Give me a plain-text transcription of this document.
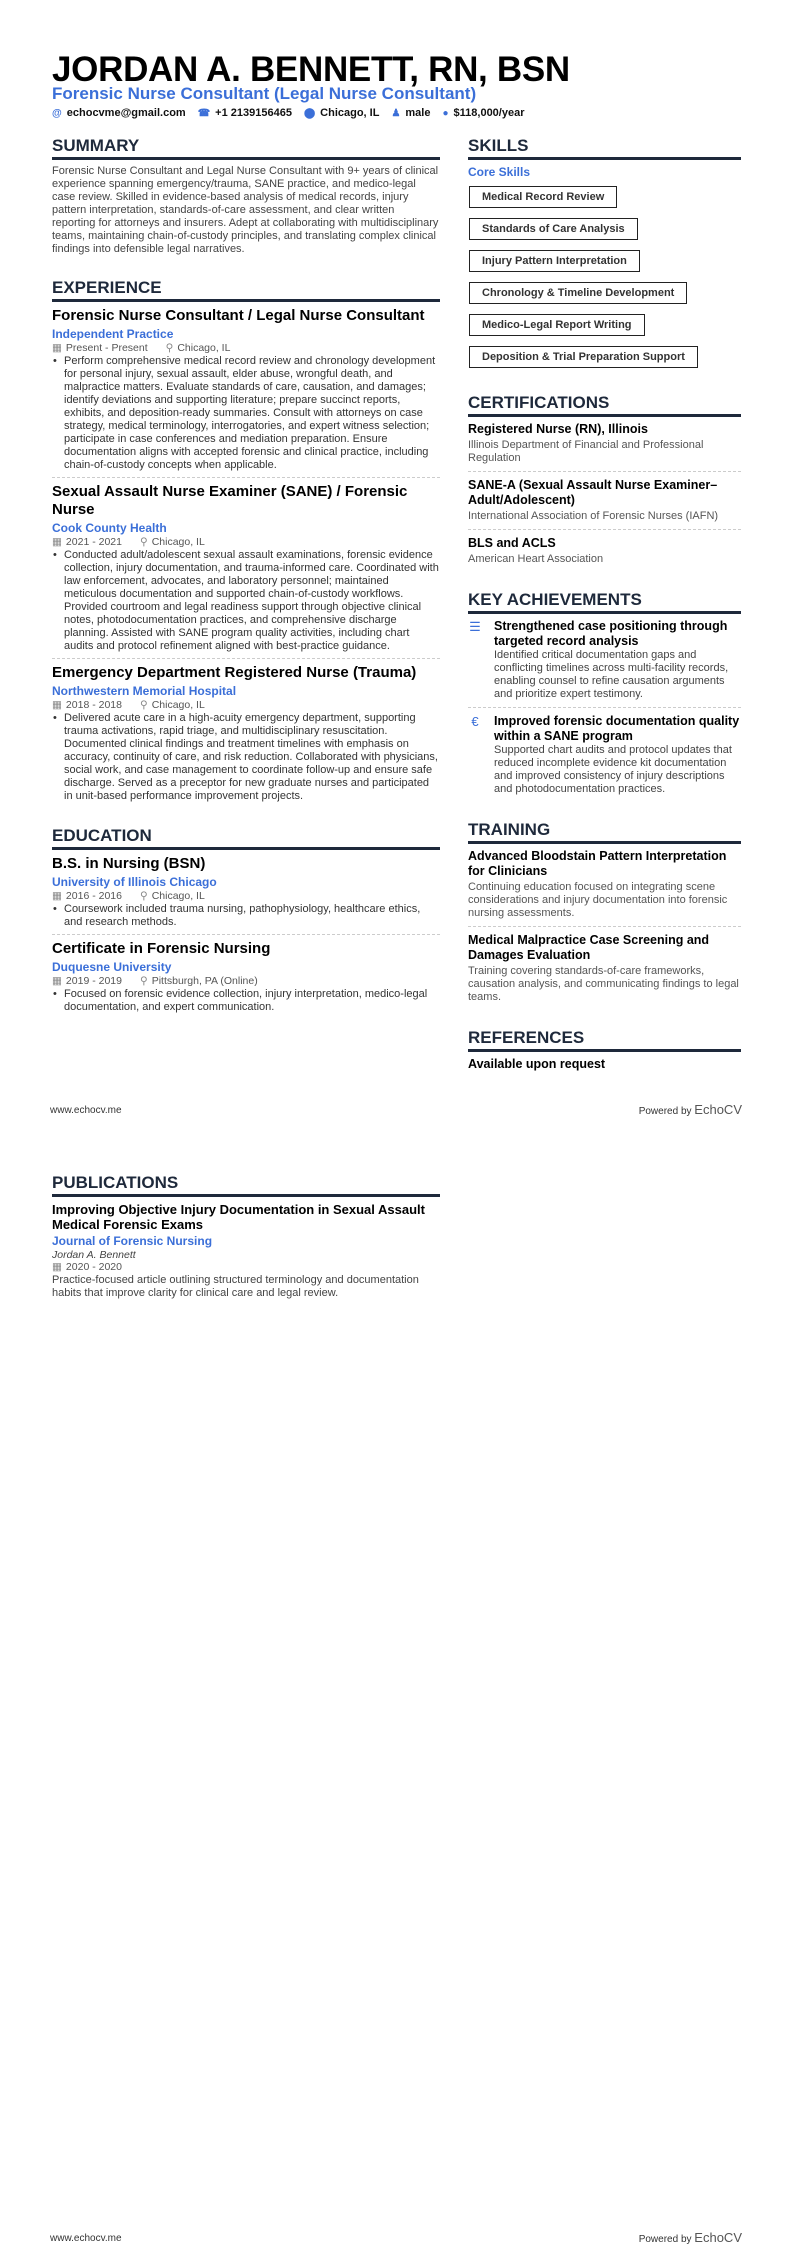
JORDAN A. BENNETT, RN, BSN
Forensic Nurse Consultant (Legal Nurse Consultant)
@ echocvme@gmail.com ☎ +1 2139156465 ⬤ Chicago, IL ♟ male ● $118,000/year
SUMMARY

Forensic Nurse Consultant and Legal Nurse Consultant with 9+ years of clinical experience spanning emergency/trauma, SANE practice, and medico-legal case review. Skilled in evidence-based analysis of medical records, injury pattern interpretation, standards-of-care assessment, and clear written reporting for attorneys and insurers. Adept at collaborating with multidisciplinary teams, maintaining chain-of-custody principles, and translating complex clinical findings into defensible legal narratives.

EXPERIENCE
Forensic Nurse Consultant / Legal Nurse Consultant
Independent Practice
▦ Present - Present ⚲ Chicago, IL
• Perform comprehensive medical record review and chronology development for personal injury, sexual assault, elder abuse, wrongful death, and malpractice matters. Evaluate standards of care, causation, and damages; identify deviations and supporting literature; prepare succinct reports, exhibits, and deposition-ready summaries. Consult with attorneys on case strategy, medical terminology, interrogatories, and expert witness selection; participate in case conferences and mediation preparation. Ensure documentation aligns with accepted forensic and clinical practice, including chain-of-custody concepts when applicable.
Sexual Assault Nurse Examiner (SANE) / Forensic Nurse
Cook County Health
▦ 2021 - 2021 ⚲ Chicago, IL
• Conducted adult/adolescent sexual assault examinations, forensic evidence collection, injury documentation, and trauma-informed care. Coordinated with law enforcement, advocates, and laboratory personnel; maintained meticulous documentation and supported chain-of-custody workflows. Provided courtroom and legal readiness support through objective clinical notes, photodocumentation practices, and comprehensive discharge planning. Assisted with SANE program quality activities, including chart audits and protocol refinement aligned with best-practice guidance.
Emergency Department Registered Nurse (Trauma)
Northwestern Memorial Hospital
▦ 2018 - 2018 ⚲ Chicago, IL
• Delivered acute care in a high-acuity emergency department, supporting trauma activations, rapid triage, and multidisciplinary resuscitation. Documented clinical findings and treatment timelines with emphasis on accuracy, continuity of care, and risk reduction. Collaborated with physicians, social work, and case management to coordinate follow-up and ensure safe discharge. Served as a preceptor for new graduate nurses and participated in unit-based performance improvement projects.
EDUCATION
B.S. in Nursing (BSN)
University of Illinois Chicago
▦ 2016 - 2016 ⚲ Chicago, IL
• Coursework included trauma nursing, pathophysiology, healthcare ethics, and research methods.
Certificate in Forensic Nursing
Duquesne University
▦ 2019 - 2019 ⚲ Pittsburgh, PA (Online)
• Focused on forensic evidence collection, injury interpretation, medico-legal documentation, and expert communication.
SKILLS
Core Skills
Medical Record Review
Standards of Care Analysis
Injury Pattern Interpretation
Chronology & Timeline Development
Medico-Legal Report Writing
Deposition & Trial Preparation Support
CERTIFICATIONS
Registered Nurse (RN), Illinois
Illinois Department of Financial and Professional Regulation
SANE-A (Sexual Assault Nurse Examiner–Adult/Adolescent)
International Association of Forensic Nurses (IAFN)
BLS and ACLS
American Heart Association
KEY ACHIEVEMENTS
☰ Strengthened case positioning through targeted record analysis

Identified critical documentation gaps and conflicting timelines across multi-facility records, enabling counsel to refine causation arguments and prioritize expert testimony.

€ Improved forensic documentation quality within a SANE program

Supported chart audits and protocol updates that reduced incomplete evidence kit documentation and improved consistency of injury descriptions and photodocumentation practices.

TRAINING
Advanced Bloodstain Pattern Interpretation for Clinicians
Continuing education focused on integrating scene considerations and injury documentation into forensic nursing assessments.
Medical Malpractice Case Screening and Damages Evaluation
Training covering standards-of-care frameworks, causation analysis, and communicating findings to legal teams.
REFERENCES
Available upon request
www.echocv.me	Powered by EchoCV
PUBLICATIONS
Improving Objective Injury Documentation in Sexual Assault Medical Forensic Exams
Journal of Forensic Nursing
Jordan A. Bennett
▦ 2020 - 2020

Practice-focused article outlining structured terminology and documentation habits that improve clarity for clinical care and legal review.

www.echocv.me	Powered by EchoCV
